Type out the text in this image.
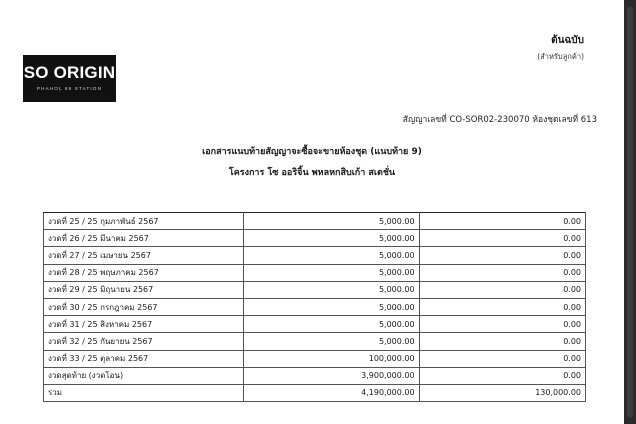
SO ORIGIN
PHAHOL 69 STATION
ต้นฉบับ
(สำหรับลูกค้า)
สัญญาเลขที่ CO-SOR02-230070 ห้องชุดเลขที่ 613
เอกสารแนบท้ายสัญญาจะซื้อจะขายห้องชุด (แนบท้าย 9)
โครงการ โซ ออริจิ้น พหลหกสิบเก้า สเตชั่น
งวดที่ 25 / 25 กุมภาพันธ์ 2567	5,000.00	0.00
งวดที่ 26 / 25 มีนาคม 2567	5,000.00	0.00
งวดที่ 27 / 25 เมษายน 2567	5,000.00	0.00
งวดที่ 28 / 25 พฤษภาคม 2567	5,000.00	0.00
งวดที่ 29 / 25 มิถุนายน 2567	5,000.00	0.00
งวดที่ 30 / 25 กรกฎาคม 2567	5,000.00	0.00
งวดที่ 31 / 25 สิงหาคม 2567	5,000.00	0.00
งวดที่ 32 / 25 กันยายน 2567	5,000.00	0.00
งวดที่ 33 / 25 ตุลาคม 2567	100,000.00	0.00
งวดสุดท้าย (งวดโอน)	3,900,000.00	0.00
รวม	4,190,000.00	130,000.00
